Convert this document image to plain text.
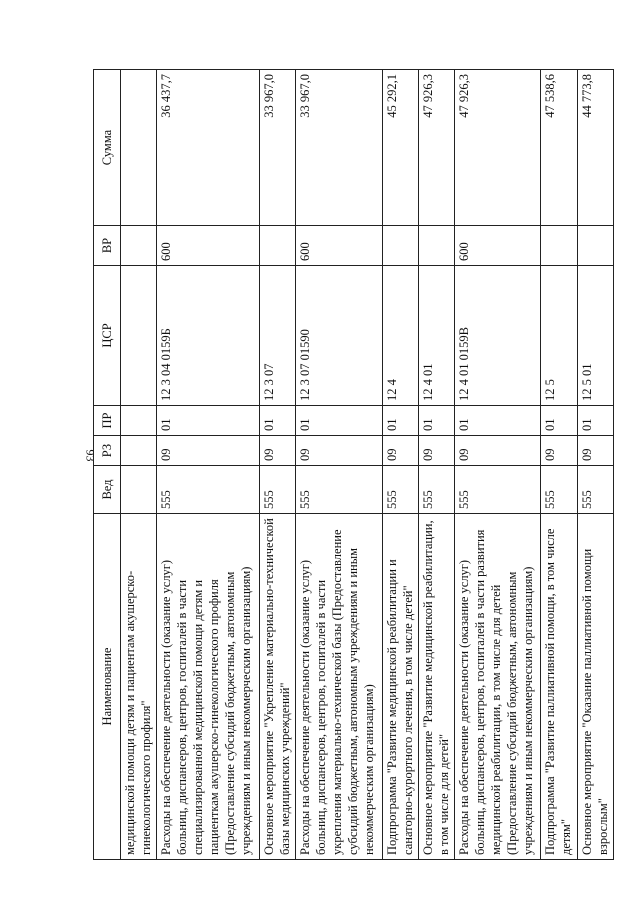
93
Наименование	Вед	РЗ	ПР	ЦСР	ВР	Сумма
медицинской помощи детям и пациентам акушерско-гинекологического профиля"						
Расходы на обеспечение деятельности (оказание услуг) больниц, диспансеров, центров, госпиталей в части специализированной медицинской помощи детям и пациенткам акушерско-гинекологического профиля (Предоставление субсидий бюджетным, автономным учреждениям и иным некоммерческим организациям)	555	09	01	12 3 04 0159Б	600	36 437,7
Основное мероприятие "Укрепление материально-технической базы медицинских учреждений"	555	09	01	12 3 07		33 967,0
Расходы на обеспечение деятельности (оказание услуг) больниц, диспансеров, центров, госпиталей в части укрепления материально-технической базы (Предоставление субсидий бюджетным, автономным учреждениям и иным некоммерческим организациям)	555	09	01	12 3 07 01590	600	33 967,0
Подпрограмма "Развитие медицинской реабилитации и санаторно-курортного лечения, в том числе детей"	555	09	01	12 4		45 292,1
Основное мероприятие "Развитие медицинской реабилитации, в том числе для детей"	555	09	01	12 4 01		47 926,3
Расходы на обеспечение деятельности (оказание услуг) больниц, диспансеров, центров, госпиталей в части развития медицинской реабилитации, в том числе для детей (Предоставление субсидий бюджетным, автономным учреждениям и иным некоммерческим организациям)	555	09	01	12 4 01 0159В	600	47 926,3
Подпрограмма "Развитие паллиативной помощи, в том числе детям"	555	09	01	12 5		47 538,6
Основное мероприятие "Оказание паллиативной помощи взрослым"	555	09	01	12 5 01		44 773,8
